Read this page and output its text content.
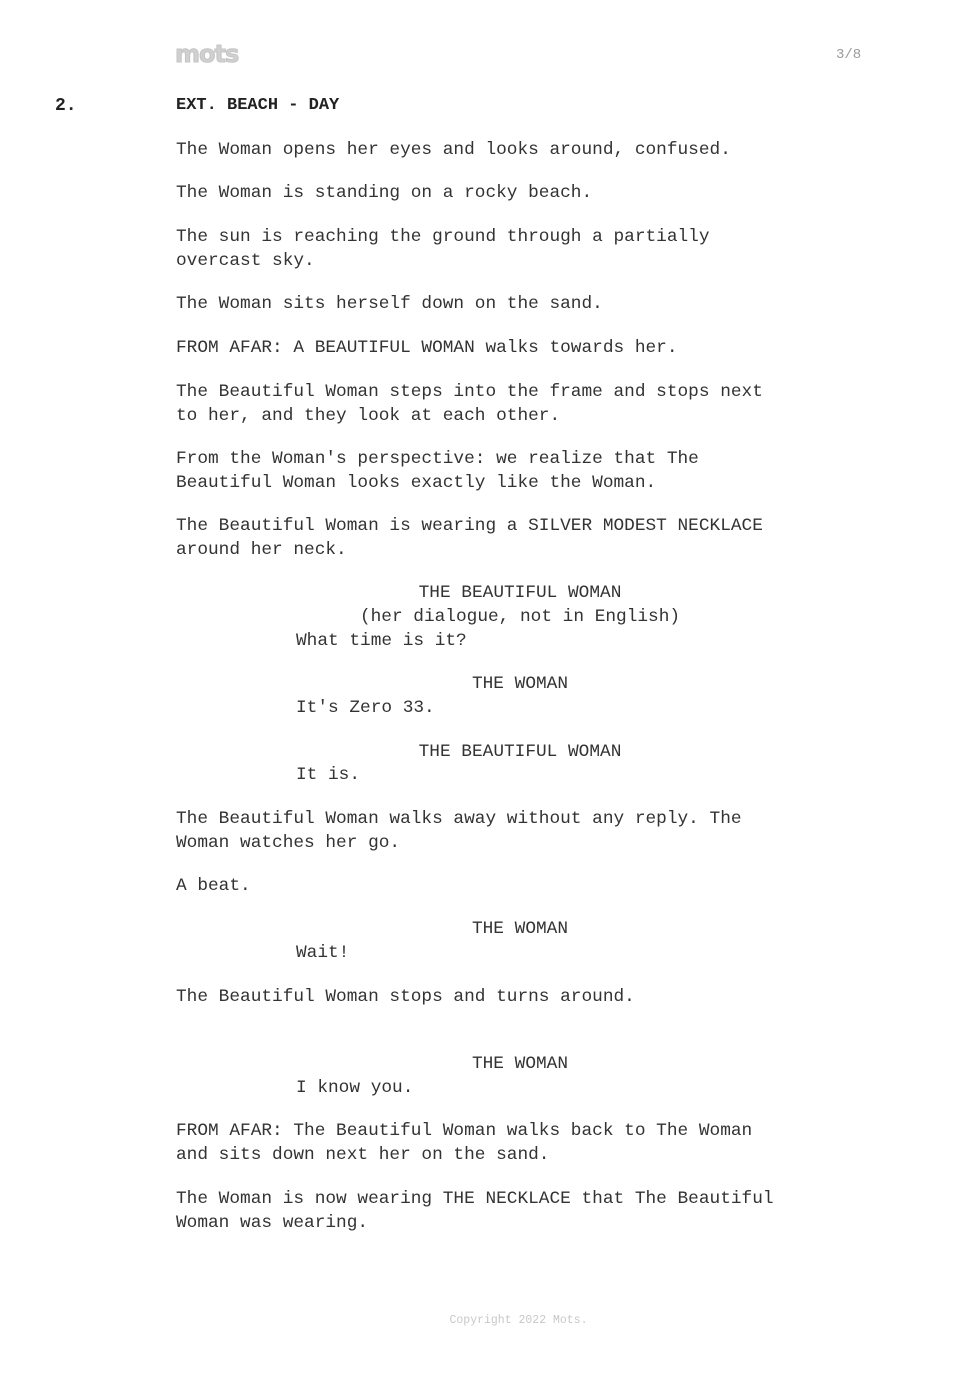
mots	3/8
2.	EXT. BEACH - DAY
The Woman opens her eyes and looks around, confused.
The Woman is standing on a rocky beach.
The sun is reaching the ground through a partially
overcast sky.
The Woman sits herself down on the sand.
FROM AFAR: A BEAUTIFUL WOMAN walks towards her.
The Beautiful Woman steps into the frame and stops next
to her, and they look at each other.
From the Woman's perspective: we realize that The
Beautiful Woman looks exactly like the Woman.
The Beautiful Woman is wearing a SILVER MODEST NECKLACE
around her neck.
THE BEAUTIFUL WOMAN
(her dialogue, not in English)
What time is it?
THE WOMAN
It's Zero 33.
THE BEAUTIFUL WOMAN
It is.
The Beautiful Woman walks away without any reply. The
Woman watches her go.
A beat.
THE WOMAN
Wait!
The Beautiful Woman stops and turns around.
THE WOMAN
I know you.
FROM AFAR: The Beautiful Woman walks back to The Woman
and sits down next her on the sand.
The Woman is now wearing THE NECKLACE that The Beautiful
Woman was wearing.
Copyright 2022 Mots.
